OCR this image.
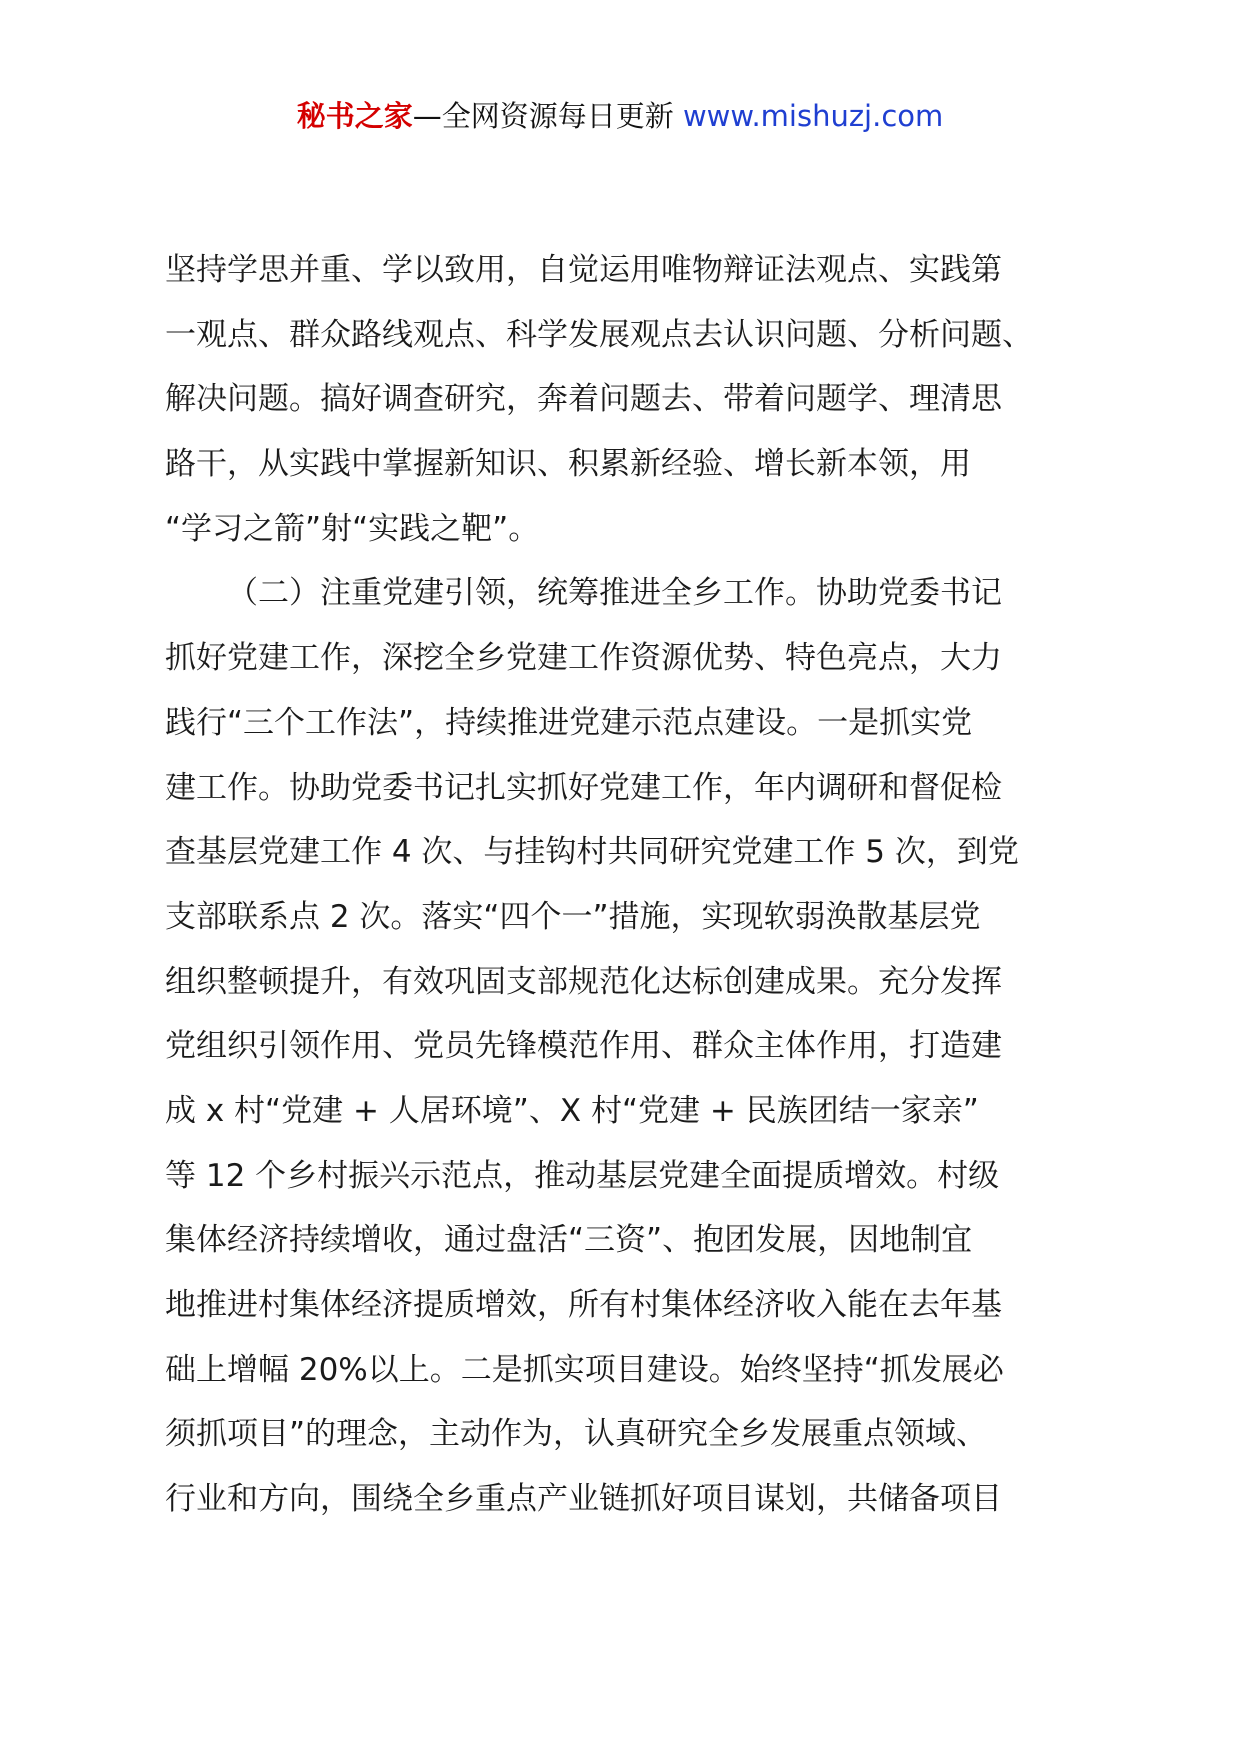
秘书之家—全网资源每日更新 www.mishuzj.com
坚持学思并重、学以致用，自觉运用唯物辩证法观点、实践第
一观点、群众路线观点、科学发展观点去认识问题、分析问题、
解决问题。搞好调查研究，奔着问题去、带着问题学、理清思
路干，从实践中掌握新知识、积累新经验、增长新本领，用
“学习之箭”射“实践之靶”。
（二）注重党建引领，统筹推进全乡工作。协助党委书记
抓好党建工作，深挖全乡党建工作资源优势、特色亮点，大力
践行“三个工作法”，持续推进党建示范点建设。一是抓实党
建工作。协助党委书记扎实抓好党建工作，年内调研和督促检
查基层党建工作 4 次、与挂钩村共同研究党建工作 5 次，到党
支部联系点 2 次。落实“四个一”措施，实现软弱涣散基层党
组织整顿提升，有效巩固支部规范化达标创建成果。充分发挥
党组织引领作用、党员先锋模范作用、群众主体作用，打造建
成 x 村“党建 + 人居环境”、X 村“党建 + 民族团结一家亲”
等 12 个乡村振兴示范点，推动基层党建全面提质增效。村级
集体经济持续增收，通过盘活“三资”、抱团发展，因地制宜
地推进村集体经济提质增效，所有村集体经济收入能在去年基
础上增幅 20%以上。二是抓实项目建设。始终坚持“抓发展必
须抓项目”的理念，主动作为，认真研究全乡发展重点领域、
行业和方向，围绕全乡重点产业链抓好项目谋划，共储备项目
